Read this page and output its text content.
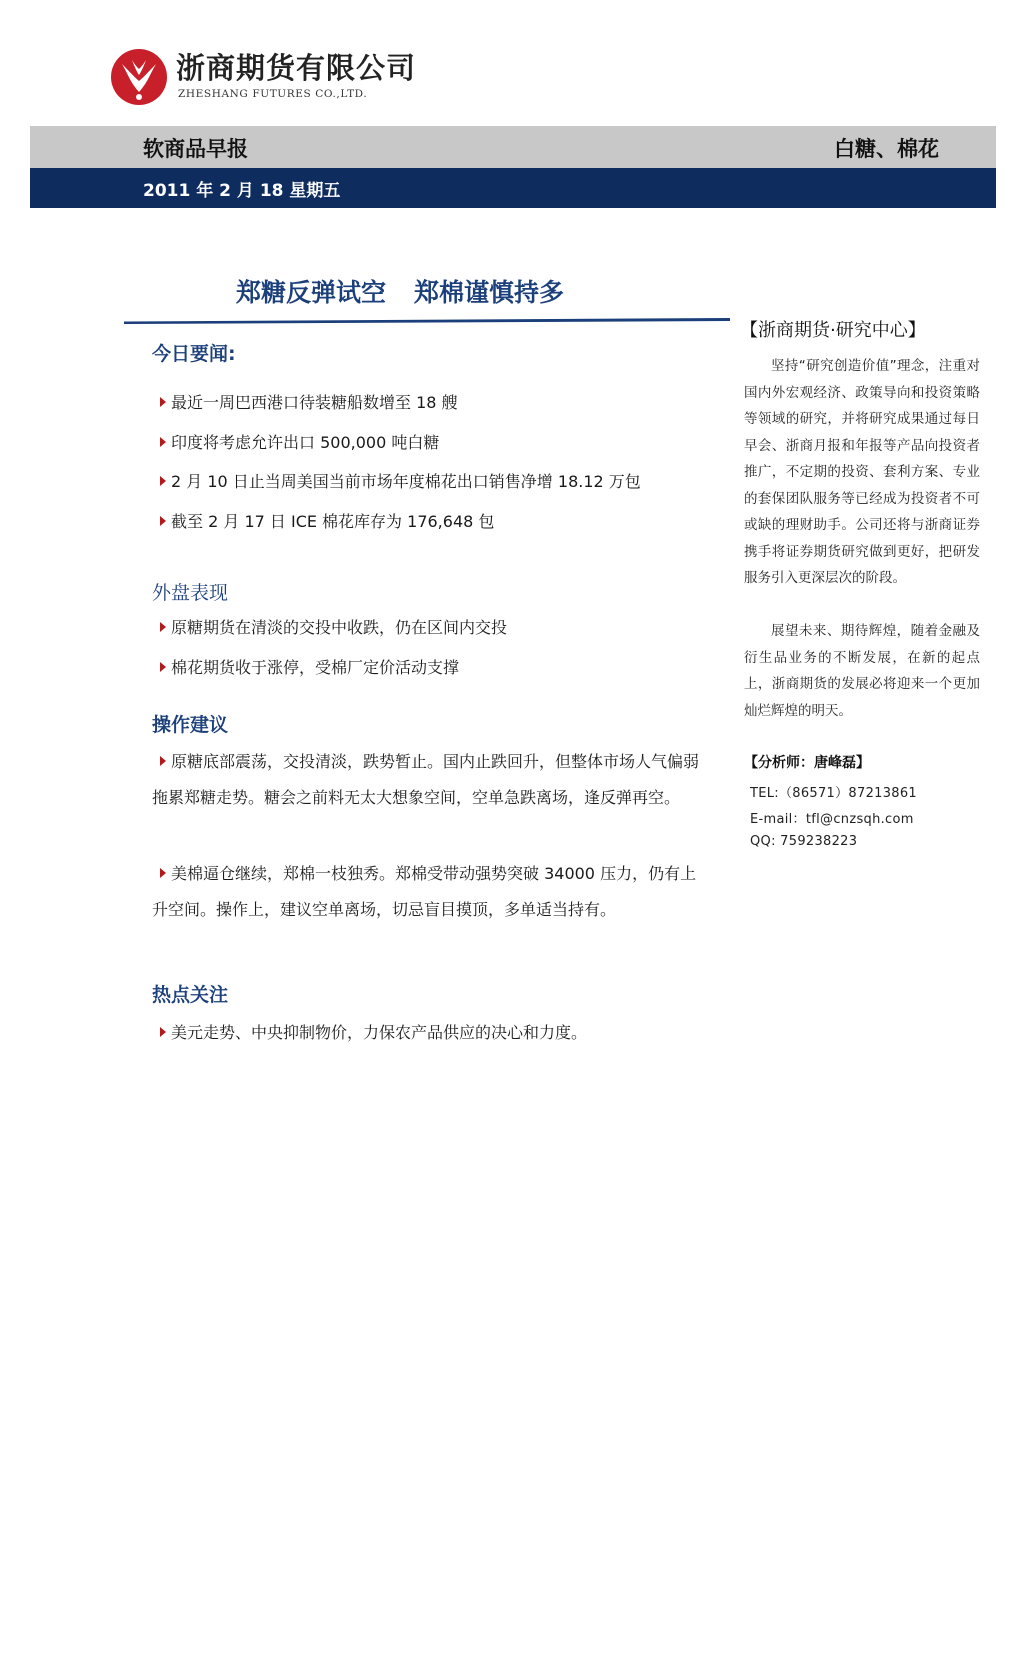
浙商期货有限公司
ZHESHANG FUTURES CO.,LTD.
软商品早报	白糖、棉花
2011 年 2 月 18 星期五
郑糖反弹试空 郑棉谨慎持多
今日要闻:
最近一周巴西港口待装糖船数增至 18 艘
印度将考虑允许出口 500,000 吨白糖
2 月 10 日止当周美国当前市场年度棉花出口销售净增 18.12 万包
截至 2 月 17 日 ICE 棉花库存为 176,648 包
外盘表现
原糖期货在清淡的交投中收跌，仍在区间内交投
棉花期货收于涨停，受棉厂定价活动支撑
操作建议
原糖底部震荡，交投清淡，跌势暂止。国内止跌回升，但整体市场人气偏弱拖累郑糖走势。糖会之前料无太大想象空间，空单急跌离场，逢反弹再空。
美棉逼仓继续，郑棉一枝独秀。郑棉受带动强势突破 34000 压力，仍有上升空间。操作上，建议空单离场，切忌盲目摸顶，多单适当持有。
热点关注
美元走势、中央抑制物价，力保农产品供应的决心和力度。
【浙商期货·研究中心】
坚持“研究创造价值”理念，注重对国内外宏观经济、政策导向和投资策略等领域的研究，并将研究成果通过每日早会、浙商月报和年报等产品向投资者推广，不定期的投资、套利方案、专业的套保团队服务等已经成为投资者不可或缺的理财助手。公司还将与浙商证券携手将证券期货研究做到更好，把研发服务引入更深层次的阶段。
展望未来、期待辉煌，随着金融及衍生品业务的不断发展，在新的起点上，浙商期货的发展必将迎来一个更加灿烂辉煌的明天。
【分析师：唐峰磊】
TEL:（86571）87213861
E-mail：tfl@cnzsqh.com
QQ: 759238223
